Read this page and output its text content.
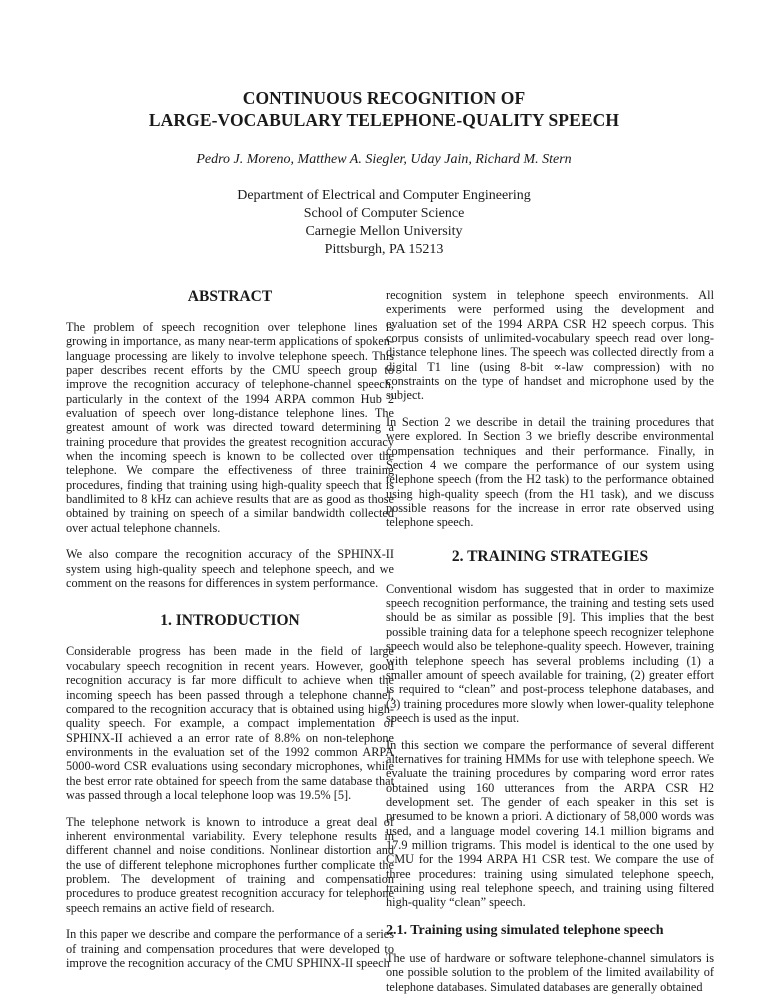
CONTINUOUS RECOGNITION OF
LARGE-VOCABULARY TELEPHONE-QUALITY SPEECH
Pedro J. Moreno, Matthew A. Siegler, Uday Jain, Richard M. Stern
Department of Electrical and Computer Engineering
School of Computer Science
Carnegie Mellon University
Pittsburgh, PA 15213
ABSTRACT

The problem of speech recognition over telephone lines is growing in importance, as many near-term applications of spoken-language processing are likely to involve telephone speech. This paper describes recent efforts by the CMU speech group to improve the recognition accuracy of telephone-channel speech, particularly in the context of the 1994 ARPA common Hub 2 evaluation of speech over long-distance telephone lines. The greatest amount of work was directed toward determining a training procedure that provides the greatest recognition accuracy when the incoming speech is known to be collected over the telephone. We compare the effectiveness of three training procedures, finding that training using high-quality speech that is bandlimited to 8 kHz can achieve results that are as good as those obtained by training on speech of a similar bandwidth collected over actual telephone channels.

We also compare the recognition accuracy of the SPHINX-II system using high-quality speech and telephone speech, and we comment on the reasons for differences in system performance.

1. INTRODUCTION

Considerable progress has been made in the field of large vocabulary speech recognition in recent years. However, good recognition accuracy is far more difficult to achieve when the incoming speech has been passed through a telephone channel, compared to the recognition accuracy that is obtained using high-quality speech. For example, a compact implementation of SPHINX-II achieved a an error rate of 8.8% on non-telephone environments in the evaluation set of the 1992 common ARPA 5000-word CSR evaluations using secondary microphones, while the best error rate obtained for speech from the same database that was passed through a local telephone loop was 19.5% [5].

The telephone network is known to introduce a great deal of inherent environmental variability. Every telephone results in different channel and noise conditions. Nonlinear distortion and the use of different telephone microphones further complicate the problem. The development of training and compensation procedures to produce greatest recognition accuracy for telephone speech remains an active field of research.

In this paper we describe and compare the performance of a series of training and compensation procedures that were developed to improve the recognition accuracy of the CMU SPHINX-II speech

recognition system in telephone speech environments. All experiments were performed using the development and evaluation set of the 1994 ARPA CSR H2 speech corpus. This corpus consists of unlimited-vocabulary speech read over long-distance telephone lines. The speech was collected directly from a digital T1 line (using 8-bit ∝-law compression) with no constraints on the type of handset and microphone used by the subject.

In Section 2 we describe in detail the training procedures that were explored. In Section 3 we briefly describe environmental compensation techniques and their performance. Finally, in Section 4 we compare the performance of our system using telephone speech (from the H2 task) to the performance obtained using high-quality speech (from the H1 task), and we discuss possible reasons for the increase in error rate observed using telephone speech.

2. TRAINING STRATEGIES

Conventional wisdom has suggested that in order to maximize speech recognition performance, the training and testing sets used should be as similar as possible [9]. This implies that the best possible training data for a telephone speech recognizer telephone speech would also be telephone-quality speech. However, training with telephone speech has several problems including (1) a smaller amount of speech available for training, (2) greater effort is required to “clean” and post-process telephone databases, and (3) training procedures more slowly when lower-quality telephone speech is used as the input.

In this section we compare the performance of several different alternatives for training HMMs for use with telephone speech. We evaluate the training procedures by comparing word error rates obtained using 160 utterances from the ARPA CSR H2 development set. The gender of each speaker in this set is presumed to be known a priori. A dictionary of 58,000 words was used, and a language model covering 14.1 million bigrams and 17.9 million trigrams. This model is identical to the one used by CMU for the 1994 ARPA H1 CSR test. We compare the use of three procedures: training using simulated telephone speech, training using real telephone speech, and training using filtered high-quality “clean” speech.

2.1. Training using simulated telephone speech

The use of hardware or software telephone-channel simulators is one possible solution to the problem of the limited availability of telephone databases. Simulated databases are generally obtained
